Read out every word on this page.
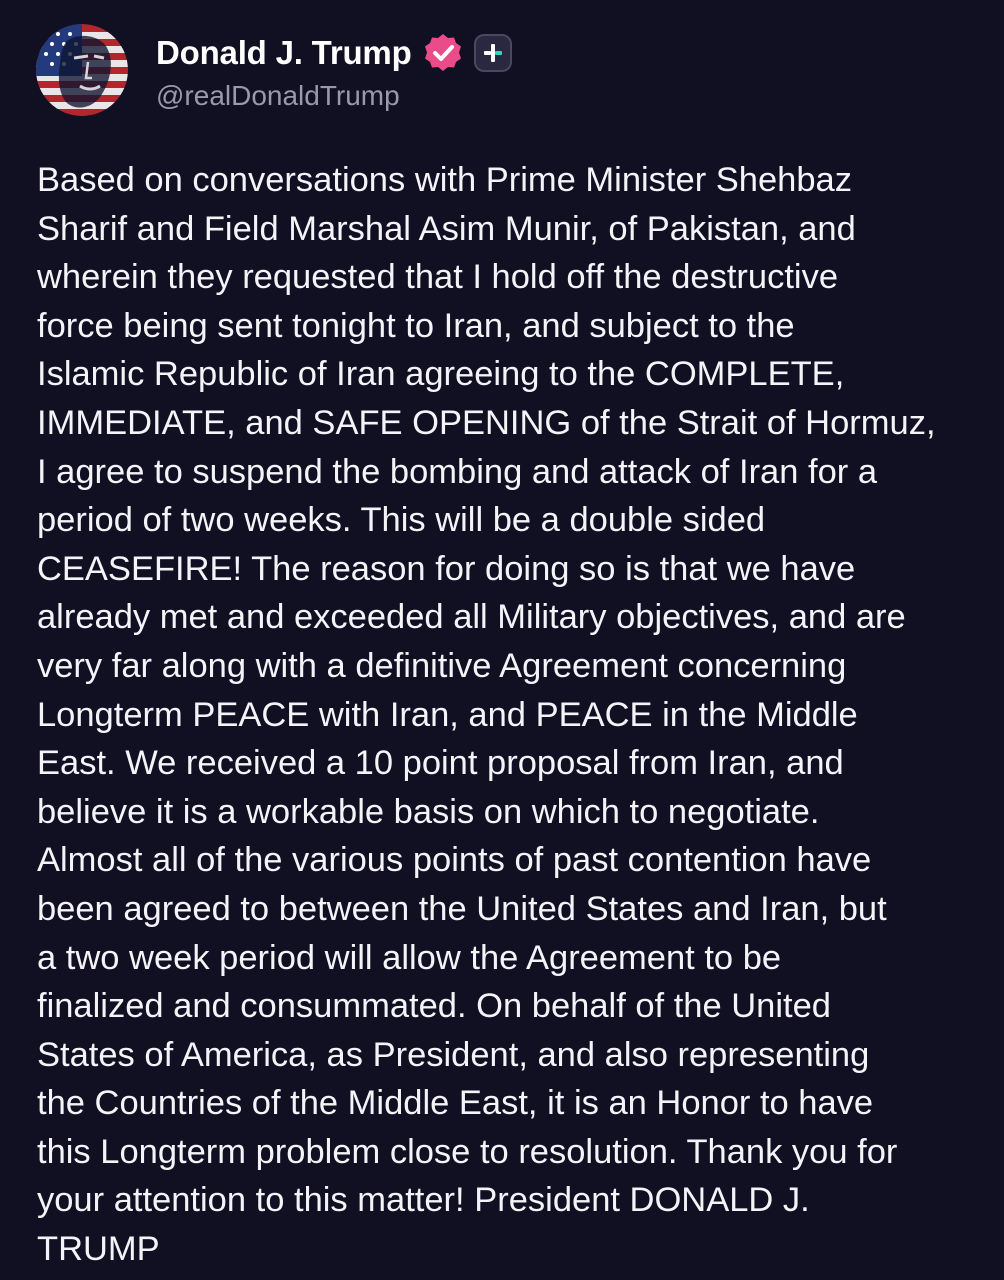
Donald J. Trump
@realDonaldTrump

Based on conversations with Prime Minister Shehbaz
Sharif and Field Marshal Asim Munir, of Pakistan, and
wherein they requested that I hold off the destructive
force being sent tonight to Iran, and subject to the
Islamic Republic of Iran agreeing to the COMPLETE,
IMMEDIATE, and SAFE OPENING of the Strait of Hormuz,
I agree to suspend the bombing and attack of Iran for a
period of two weeks. This will be a double sided
CEASEFIRE! The reason for doing so is that we have
already met and exceeded all Military objectives, and are
very far along with a definitive Agreement concerning
Longterm PEACE with Iran, and PEACE in the Middle
East. We received a 10 point proposal from Iran, and
believe it is a workable basis on which to negotiate.
Almost all of the various points of past contention have
been agreed to between the United States and Iran, but
a two week period will allow the Agreement to be
finalized and consummated. On behalf of the United
States of America, as President, and also representing
the Countries of the Middle East, it is an Honor to have
this Longterm problem close to resolution. Thank you for
your attention to this matter! President DONALD J.
TRUMP
